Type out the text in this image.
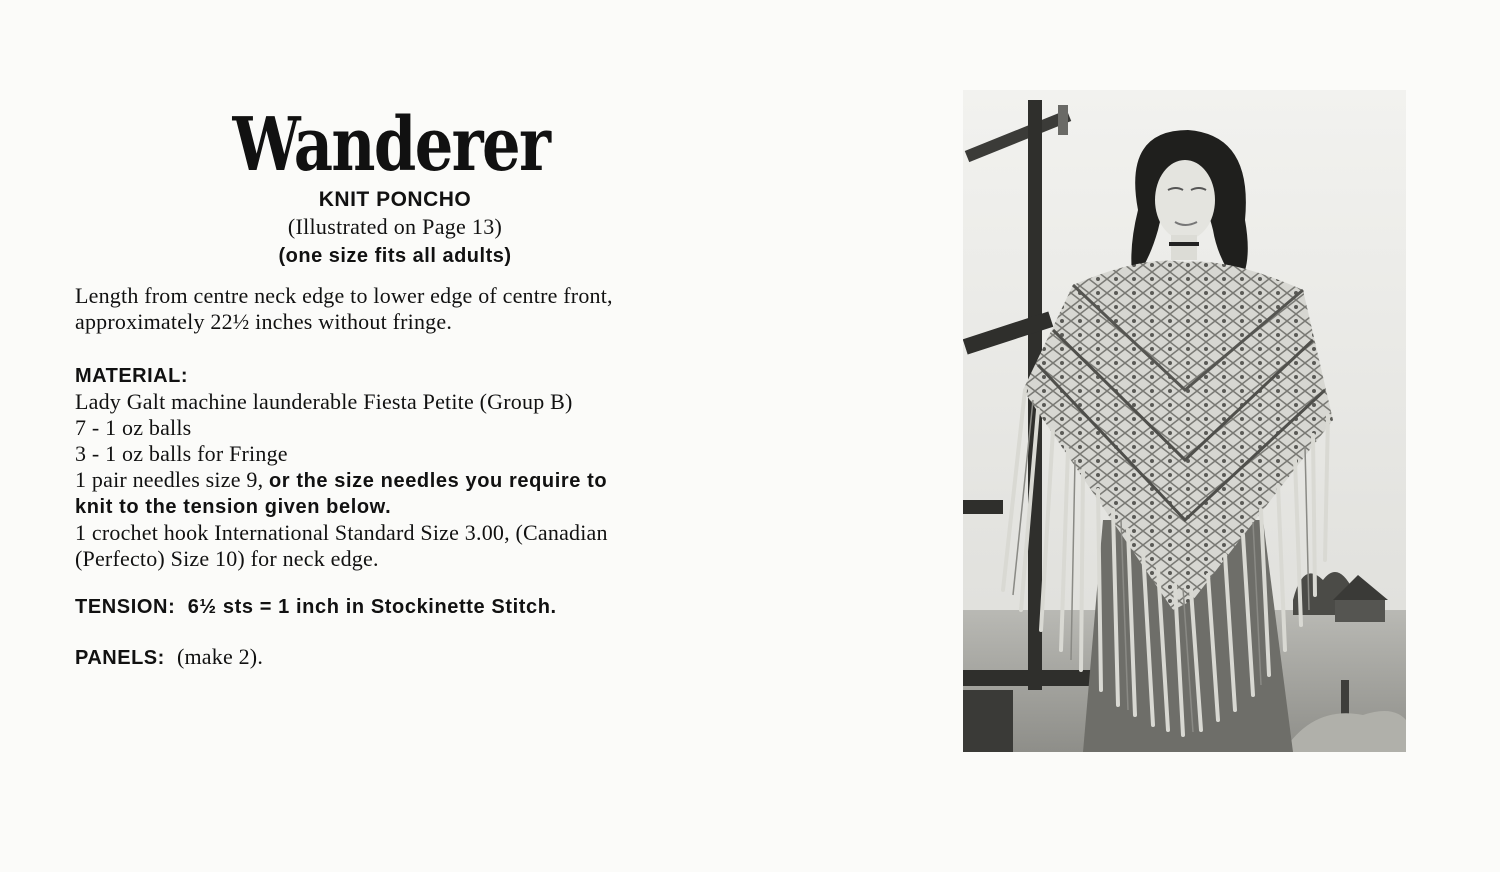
Wanderer
KNIT PONCHO
(Illustrated on Page 13)
(one size fits all adults)

Length from centre neck edge to lower edge of centre front,
approximately 22½ inches without fringe.

MATERIAL:

Lady Galt machine launderable Fiesta Petite (Group B)
7 - 1 oz balls
3 - 1 oz balls for Fringe
1 pair needles size 9, or the size needles you require to
knit to the tension given below.
1 crochet hook International Standard Size 3.00, (Canadian
(Perfecto) Size 10) for neck edge.

TENSION: 6½ sts = 1 inch in Stockinette Stitch.
PANELS: (make 2).
